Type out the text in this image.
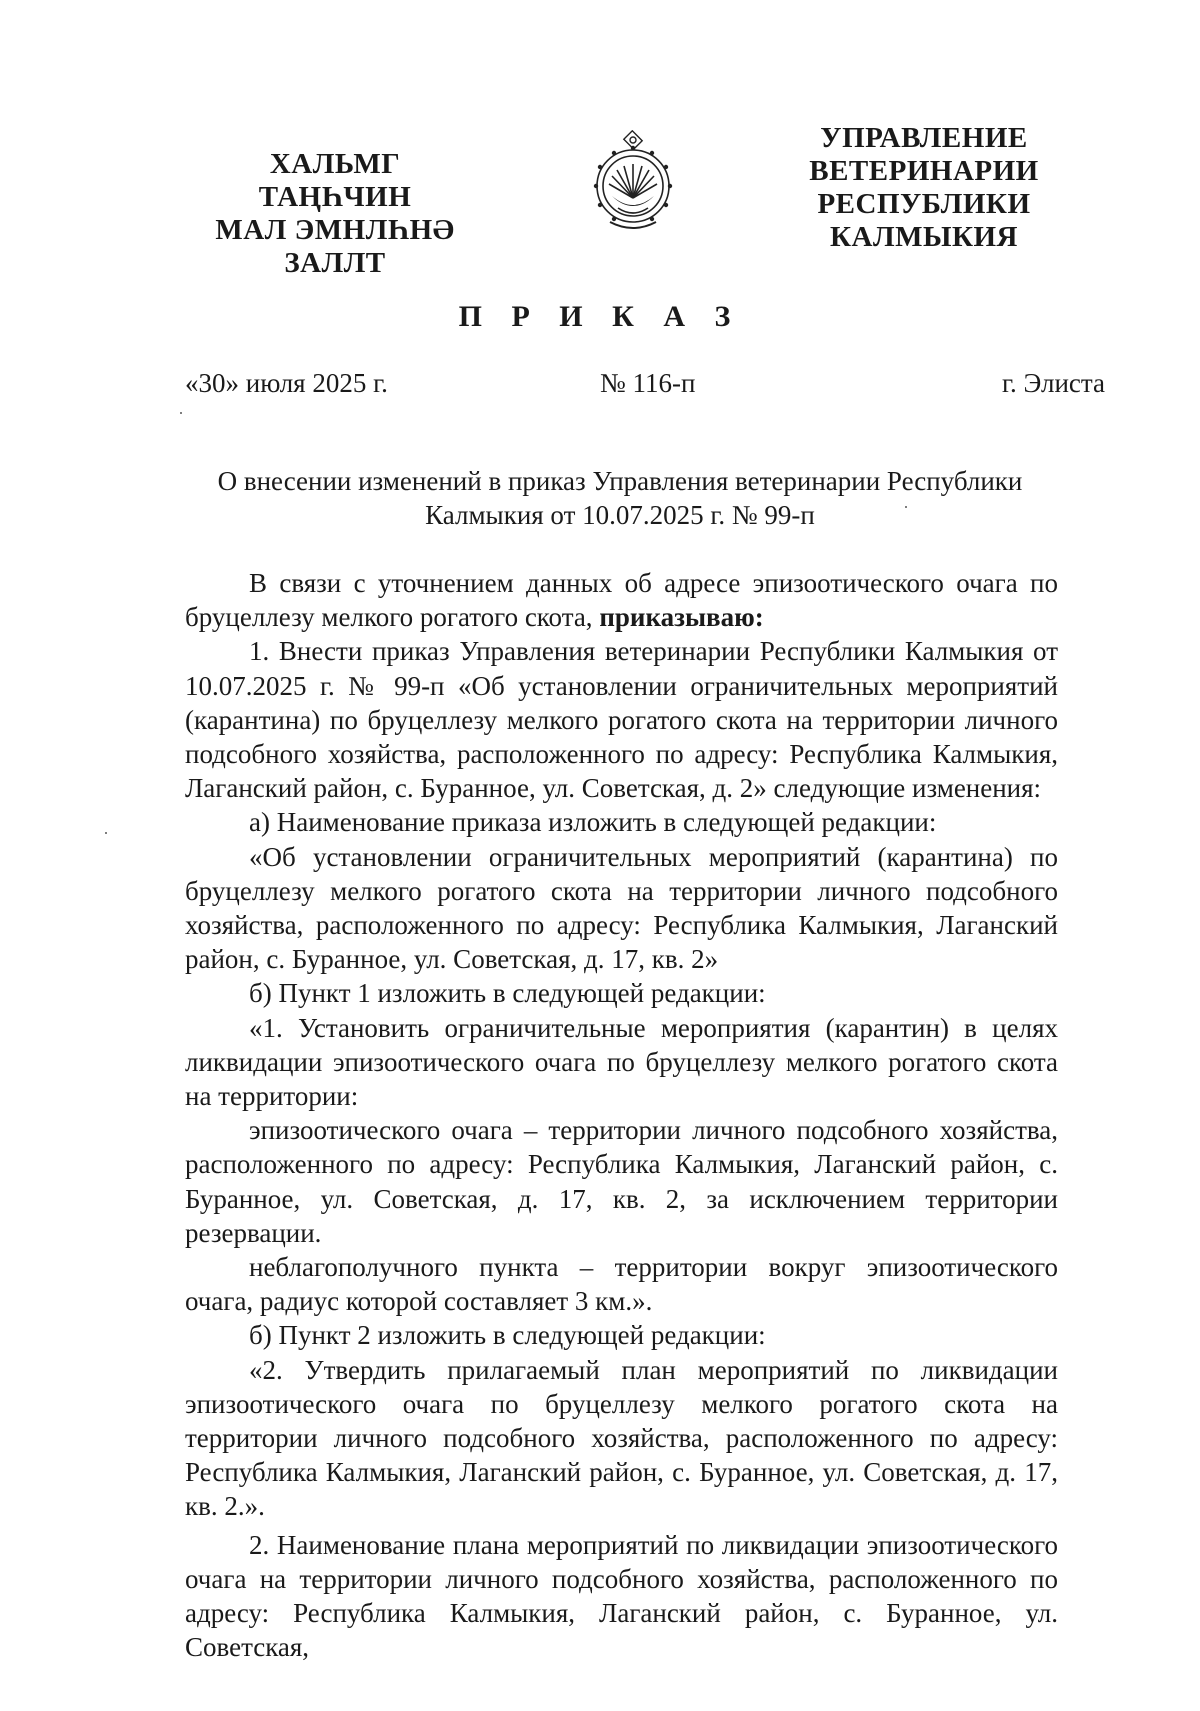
ХАЛЬМГ ТАҢҺЧИН
МАЛ ЭМНЛҺНӘ
ЗАЛЛТ
УПРАВЛЕНИЕ
ВЕТЕРИНАРИИ
РЕСПУБЛИКИ
КАЛМЫКИЯ
П Р И К А З
«30» июля 2025 г.	№ 116-п	г. Элиста
О внесении изменений в приказ Управления ветеринарии Республики
Калмыкия от 10.07.2025 г. № 99-п

В связи с уточнением данных об адресе эпизоотического очага по бруцеллезу мелкого рогатого скота, приказываю:

1. Внести приказ Управления ветеринарии Республики Калмыкия от 10.07.2025 г. № 99-п «Об установлении ограничительных мероприятий (карантина) по бруцеллезу мелкого рогатого скота на территории личного подсобного хозяйства, расположенного по адресу: Республика Калмыкия, Лаганский район, с. Буранное, ул. Советская, д. 2» следующие изменения:

а) Наименование приказа изложить в следующей редакции:

«Об установлении ограничительных мероприятий (карантина) по бруцеллезу мелкого рогатого скота на территории личного подсобного хозяйства, расположенного по адресу: Республика Калмыкия, Лаганский район, с. Буранное, ул. Советская, д. 17, кв. 2»

б) Пункт 1 изложить в следующей редакции:

«1. Установить ограничительные мероприятия (карантин) в целях ликвидации эпизоотического очага по бруцеллезу мелкого рогатого скота на территории:

эпизоотического очага – территории личного подсобного хозяйства, расположенного по адресу: Республика Калмыкия, Лаганский район, с. Буранное, ул. Советская, д. 17, кв. 2, за исключением территории резервации.

неблагополучного пункта – территории вокруг эпизоотического очага, радиус которой составляет 3 км.».

б) Пункт 2 изложить в следующей редакции:

«2. Утвердить прилагаемый план мероприятий по ликвидации эпизоотического очага по бруцеллезу мелкого рогатого скота на территории личного подсобного хозяйства, расположенного по адресу: Республика Калмыкия, Лаганский район, с. Буранное, ул. Советская, д. 17, кв. 2.».

2. Наименование плана мероприятий по ликвидации эпизоотического очага на территории личного подсобного хозяйства, расположенного по адресу: Республика Калмыкия, Лаганский район, с. Буранное, ул. Советская,
